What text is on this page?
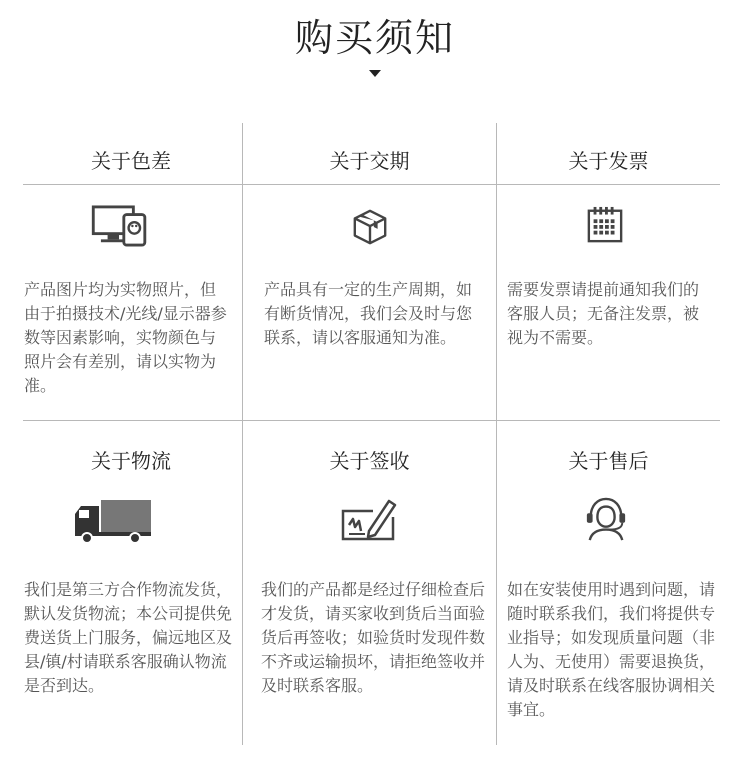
购买须知
关于色差
产品图片均为实物照片，但由于拍摄技术/光线/显示器参数等因素影响，实物颜色与照片会有差别，请以实物为准。
关于交期
产品具有一定的生产周期，如有断货情况，我们会及时与您联系，请以客服通知为准。
关于发票
需要发票请提前通知我们的客服人员；无备注发票，被视为不需要。
关于物流
我们是第三方合作物流发货，默认发货物流；本公司提供免费送货上门服务，偏远地区及县/镇/村请联系客服确认物流是否到达。
关于签收
我们的产品都是经过仔细检查后才发货，请买家收到货后当面验货后再签收；如验货时发现件数不齐或运输损坏，请拒绝签收并及时联系客服。
关于售后
如在安装使用时遇到问题，请随时联系我们，我们将提供专业指导；如发现质量问题（非人为、无使用）需要退换货，请及时联系在线客服协调相关事宜。
